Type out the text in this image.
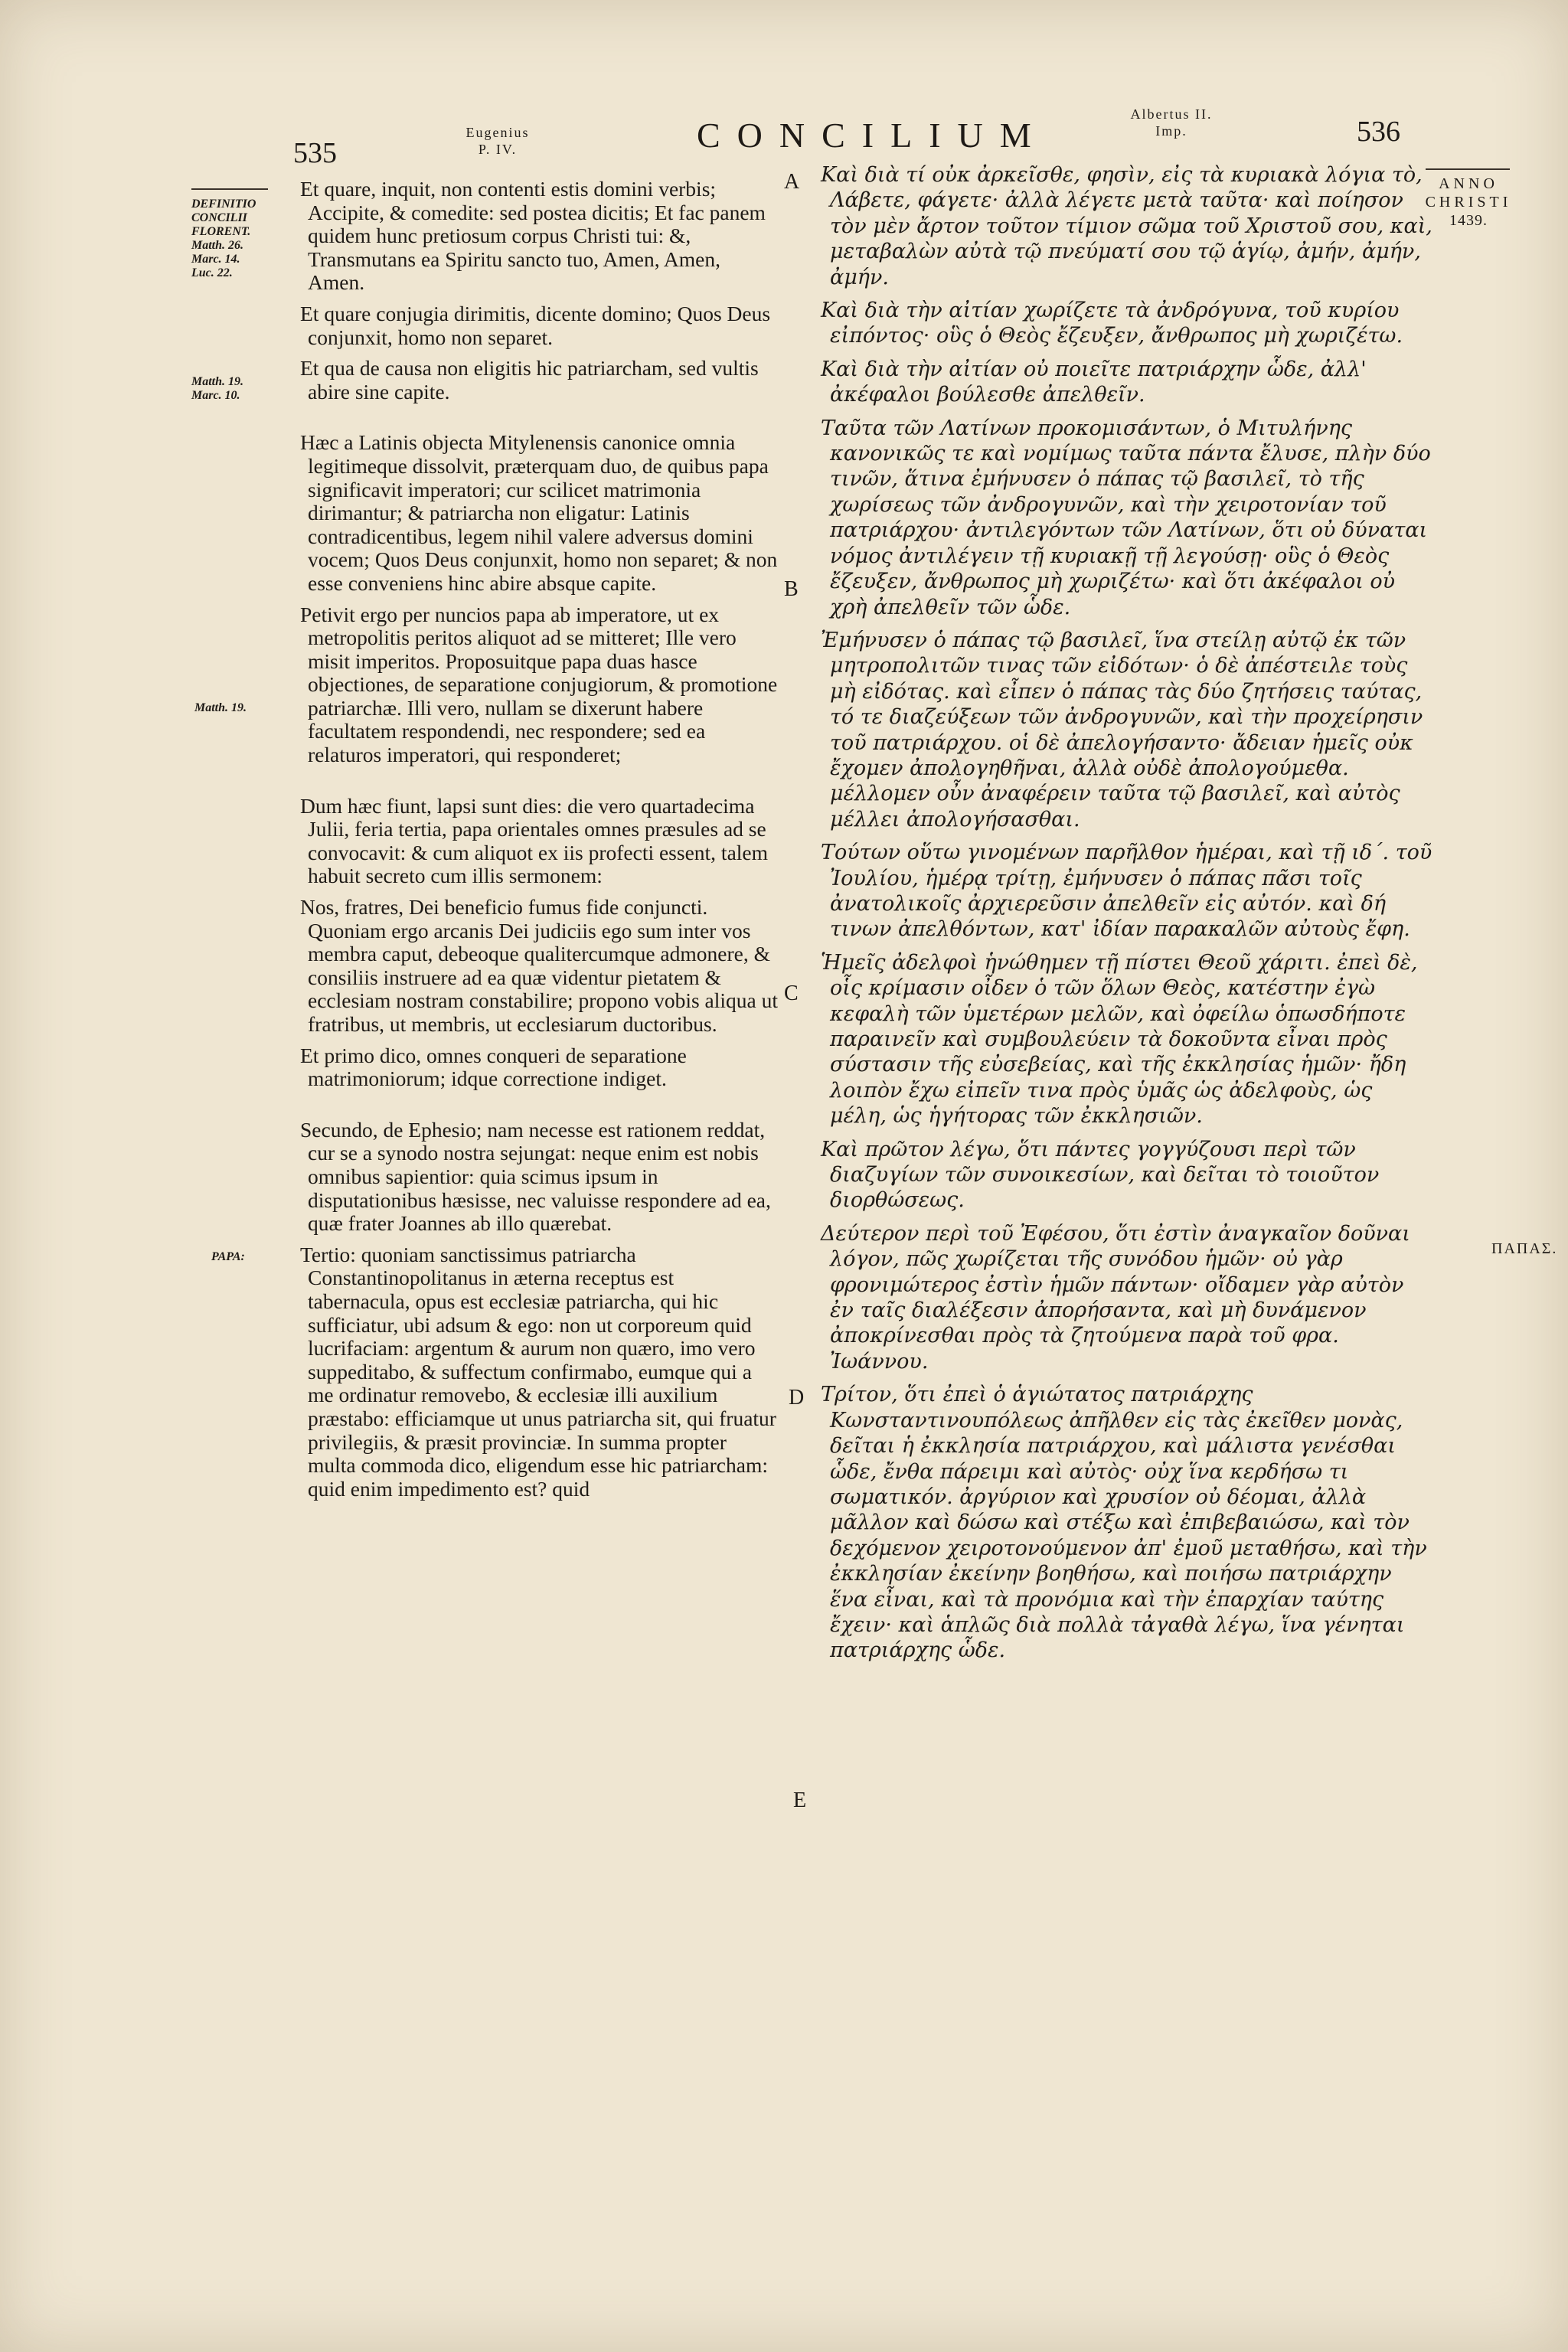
535
Eugenius
P. IV.	CONCILIUM
Albertus II.
Imp.	536
ANNO
CHRISTI
1439.
DEFINITIO
CONCILII
FLORENT.
Matth. 26.
Marc. 14.
Luc. 22.
Matth. 19.
Marc. 10.
Matth. 19.
PAPA:	ΠΑΠΑΣ.
A
B
C
D
E

Et quare, inquit, non contenti estis domini verbis; Accipite, & comedite: sed postea dicitis; Et fac panem quidem hunc pretiosum corpus Christi tui: &, Transmutans ea Spiritu sancto tuo, Amen, Amen, Amen.

Et quare conjugia dirimitis, dicente domino; Quos Deus conjunxit, homo non separet.

Et qua de causa non eligitis hic patriarcham, sed vultis abire sine capite.

Hæc a Latinis objecta Mitylenensis canonice omnia legitimeque dissolvit, præterquam duo, de quibus papa significavit imperatori; cur scilicet matrimonia dirimantur; & patriarcha non eligatur: Latinis contradicentibus, legem nihil valere adversus domini vocem; Quos Deus conjunxit, homo non separet; & non esse conveniens hinc abire absque capite.

Petivit ergo per nuncios papa ab imperatore, ut ex metropolitis peritos aliquot ad se mitteret; Ille vero misit imperitos. Proposuitque papa duas hasce objectiones, de separatione conjugiorum, & promotione patriarchæ. Illi vero, nullam se dixerunt habere facultatem respondendi, nec respondere; sed ea relaturos imperatori, qui responderet;

Dum hæc fiunt, lapsi sunt dies: die vero quartadecima Julii, feria tertia, papa orientales omnes præsules ad se convocavit: & cum aliquot ex iis profecti essent, talem habuit secreto cum illis sermonem:

Nos, fratres, Dei beneficio fumus fide conjuncti. Quoniam ergo arcanis Dei judiciis ego sum inter vos membra caput, debeoque qualitercumque admonere, & consiliis instruere ad ea quæ videntur pietatem & ecclesiam nostram constabilire; propono vobis aliqua ut fratribus, ut membris, ut ecclesiarum ductoribus.

Et primo dico, omnes conqueri de separatione matrimoniorum; idque correctione indiget.

Secundo, de Ephesio; nam necesse est rationem reddat, cur se a synodo nostra sejungat: neque enim est nobis omnibus sapientior: quia scimus ipsum in disputationibus hæsisse, nec valuisse respondere ad ea, quæ frater Joannes ab illo quærebat.

Tertio: quoniam sanctissimus patriarcha Constantinopolitanus in æterna receptus est tabernacula, opus est ecclesiæ patriarcha, qui hic sufficiatur, ubi adsum & ego: non ut corporeum quid lucrifaciam: argentum & aurum non quæro, imo vero suppeditabo, & suffectum confirmabo, eumque qui a me ordinatur removebo, & ecclesiæ illi auxilium præstabo: efficiamque ut unus patriarcha sit, qui fruatur privilegiis, & præsit provinciæ. In summa propter multa commoda dico, eligendum esse hic patriarcham: quid enim impedimento est? quid

Καὶ διὰ τί οὐκ ἀρκεῖσθε, φησὶν, εἰς τὰ κυριακὰ λόγια τὸ, Λάβετε, φάγετε· ἀλλὰ λέγετε μετὰ ταῦτα· καὶ ποίησον τὸν μὲν ἄρτον τοῦτον τίμιον σῶμα τοῦ Χριστοῦ σου, καὶ, μεταβαλὼν αὐτὰ τῷ πνεύματί σου τῷ ἁγίῳ, ἀμήν, ἀμήν, ἀμήν.

Καὶ διὰ τὴν αἰτίαν χωρίζετε τὰ ἀνδρόγυνα, τοῦ κυρίου εἰπόντος· οὓς ὁ Θεὸς ἔζευξεν, ἄνθρωπος μὴ χωριζέτω.

Καὶ διὰ τὴν αἰτίαν οὐ ποιεῖτε πατριάρχην ὧδε, ἀλλ' ἀκέφαλοι βούλεσθε ἀπελθεῖν.

Ταῦτα τῶν Λατίνων προκομισάντων, ὁ Μιτυλήνης κανονικῶς τε καὶ νομίμως ταῦτα πάντα ἔλυσε, πλὴν δύο τινῶν, ἅτινα ἐμήνυσεν ὁ πάπας τῷ βασιλεῖ, τὸ τῆς χωρίσεως τῶν ἀνδρογυνῶν, καὶ τὴν χειροτονίαν τοῦ πατριάρχου· ἀντιλεγόντων τῶν Λατίνων, ὅτι οὐ δύναται νόμος ἀντιλέγειν τῇ κυριακῇ τῇ λεγούσῃ· οὓς ὁ Θεὸς ἔζευξεν, ἄνθρωπος μὴ χωριζέτω· καὶ ὅτι ἀκέφαλοι οὐ χρὴ ἀπελθεῖν τῶν ὧδε.

Ἐμήνυσεν ὁ πάπας τῷ βασιλεῖ, ἵνα στείλῃ αὐτῷ ἐκ τῶν μητροπολιτῶν τινας τῶν εἰδότων· ὁ δὲ ἀπέστειλε τοὺς μὴ εἰδότας. καὶ εἶπεν ὁ πάπας τὰς δύο ζητήσεις ταύτας, τό τε διαζεύξεων τῶν ἀνδρογυνῶν, καὶ τὴν προχείρησιν τοῦ πατριάρχου. οἱ δὲ ἀπελογήσαντο· ἄδειαν ἡμεῖς οὐκ ἔχομεν ἀπολογηθῆναι, ἀλλὰ οὐδὲ ἀπολογούμεθα. μέλλομεν οὖν ἀναφέρειν ταῦτα τῷ βασιλεῖ, καὶ αὐτὸς μέλλει ἀπολογήσασθαι.

Τούτων οὕτω γινομένων παρῆλθον ἡμέραι, καὶ τῇ ιδ΄. τοῦ Ἰουλίου, ἡμέρᾳ τρίτῃ, ἐμήνυσεν ὁ πάπας πᾶσι τοῖς ἀνατολικοῖς ἀρχιερεῦσιν ἀπελθεῖν εἰς αὐτόν. καὶ δή τινων ἀπελθόντων, κατ' ἰδίαν παρακαλῶν αὐτοὺς ἔφη.

Ἡμεῖς ἀδελφοὶ ἡνώθημεν τῇ πίστει Θεοῦ χάριτι. ἐπεὶ δὲ, οἷς κρίμασιν οἶδεν ὁ τῶν ὅλων Θεὸς, κατέστην ἐγὼ κεφαλὴ τῶν ὑμετέρων μελῶν, καὶ ὀφείλω ὁπωσδήποτε παραινεῖν καὶ συμβουλεύειν τὰ δοκοῦντα εἶναι πρὸς σύστασιν τῆς εὐσεβείας, καὶ τῆς ἐκκλησίας ἡμῶν· ἤδη λοιπὸν ἔχω εἰπεῖν τινα πρὸς ὑμᾶς ὡς ἀδελφοὺς, ὡς μέλη, ὡς ἡγήτορας τῶν ἐκκλησιῶν.

Καὶ πρῶτον λέγω, ὅτι πάντες γογγύζουσι περὶ τῶν διαζυγίων τῶν συνοικεσίων, καὶ δεῖται τὸ τοιοῦτον διορθώσεως.

Δεύτερον περὶ τοῦ Ἐφέσου, ὅτι ἐστὶν ἀναγκαῖον δοῦναι λόγον, πῶς χωρίζεται τῆς συνόδου ἡμῶν· οὐ γὰρ φρονιμώτερος ἐστὶν ἡμῶν πάντων· οἴδαμεν γὰρ αὐτὸν ἐν ταῖς διαλέξεσιν ἀπορήσαντα, καὶ μὴ δυνάμενον ἀποκρίνεσθαι πρὸς τὰ ζητούμενα παρὰ τοῦ φρα. Ἰωάννου.

Τρίτον, ὅτι ἐπεὶ ὁ ἁγιώτατος πατριάρχης Κωνσταντινουπόλεως ἀπῆλθεν εἰς τὰς ἐκεῖθεν μονὰς, δεῖται ἡ ἐκκλησία πατριάρχου, καὶ μάλιστα γενέσθαι ὧδε, ἔνθα πάρειμι καὶ αὐτὸς· οὐχ ἵνα κερδήσω τι σωματικόν. ἀργύριον καὶ χρυσίον οὐ δέομαι, ἀλλὰ μᾶλλον καὶ δώσω καὶ στέξω καὶ ἐπιβεβαιώσω, καὶ τὸν δεχόμενον χειροτονούμενον ἀπ' ἐμοῦ μεταθήσω, καὶ τὴν ἐκκλησίαν ἐκείνην βοηθήσω, καὶ ποιήσω πατριάρχην ἕνα εἶναι, καὶ τὰ προνόμια καὶ τὴν ἐπαρχίαν ταύτης ἔχειν· καὶ ἁπλῶς διὰ πολλὰ τἀγαθὰ λέγω, ἵνα γένηται πατριάρχης ὧδε.
